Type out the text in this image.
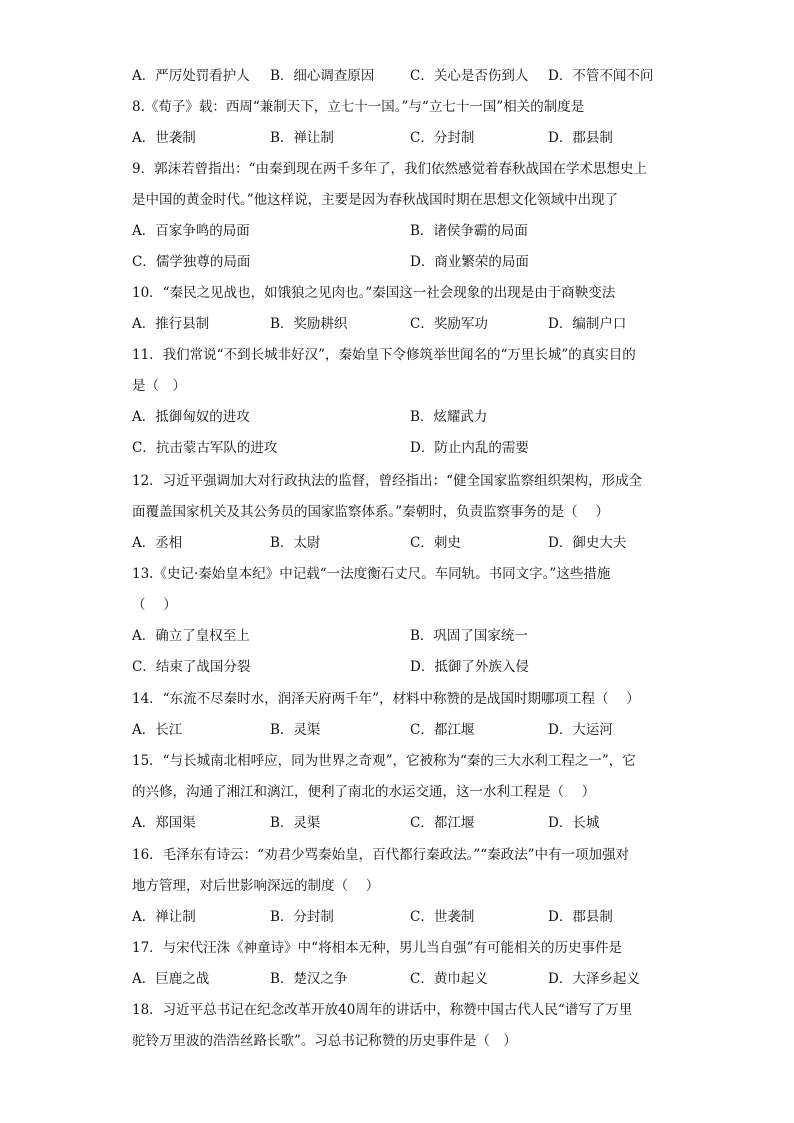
A．严厉处罚看护人 B．细心调查原因	C．关心是否伤到人 D．不管不闻不问
8.《荀子》载：西周“兼制天下，立七十一国。”与“立七十一国”相关的制度是
A．世袭制	B．禅让制	C．分封制	D．郡县制
9．郭沫若曾指出：“由秦到现在两千多年了，我们依然感觉着春秋战国在学术思想史上
是中国的黄金时代。”他这样说，主要是因为春秋战国时期在思想文化领域中出现了
A．百家争鸣的局面	B．诸侯争霸的局面
C．儒学独尊的局面	D．商业繁荣的局面
10．“秦民之见战也，如饿狼之见肉也。”秦国这一社会现象的出现是由于商鞅变法
A．推行县制	B．奖励耕织	C．奖励军功	D．编制户口
11．我们常说“不到长城非好汉”，秦始皇下令修筑举世闻名的“万里长城”的真实目的
是（　）
A．抵御匈奴的进攻	B．炫耀武力
C．抗击蒙古军队的进攻	D．防止内乱的需要
12．习近平强调加大对行政执法的监督，曾经指出：“健全国家监察组织架构，形成全
面覆盖国家机关及其公务员的国家监察体系。”秦朝时，负责监察事务的是（　 ）
A．丞相	B．太尉	C．刺史	D．御史大夫
13.《史记·秦始皇本纪》中记载“一法度衡石丈尺。车同轨。书同文字。”这些措施
（　 ）
A．确立了皇权至上	B．巩固了国家统一
C．结束了战国分裂	D．抵御了外族入侵
14．“东流不尽秦时水，润泽天府两千年”，材料中称赞的是战国时期哪项工程（　 ）
A．长江	B．灵渠	C．都江堰	D．大运河
15．“与长城南北相呼应，同为世界之奇观”，它被称为“秦的三大水利工程之一”，它
的兴修，沟通了湘江和漓江，便利了南北的水运交通，这一水利工程是（　 ）
A．郑国渠	B．灵渠	C．都江堰	D．长城
16．毛泽东有诗云：“劝君少骂秦始皇，百代都行秦政法。”“秦政法”中有一项加强对
地方管理，对后世影响深远的制度（　 ）
A．禅让制	B．分封制	C．世袭制	D．郡县制
17．与宋代汪洙《神童诗》中“将相本无种，男儿当自强”有可能相关的历史事件是
A．巨鹿之战	B．楚汉之争	C．黄巾起义	D．大泽乡起义
18．习近平总书记在纪念改革开放40周年的讲话中，称赞中国古代人民“谱写了万里
驼铃万里波的浩浩丝路长歌”。习总书记称赞的历史事件是（　）
